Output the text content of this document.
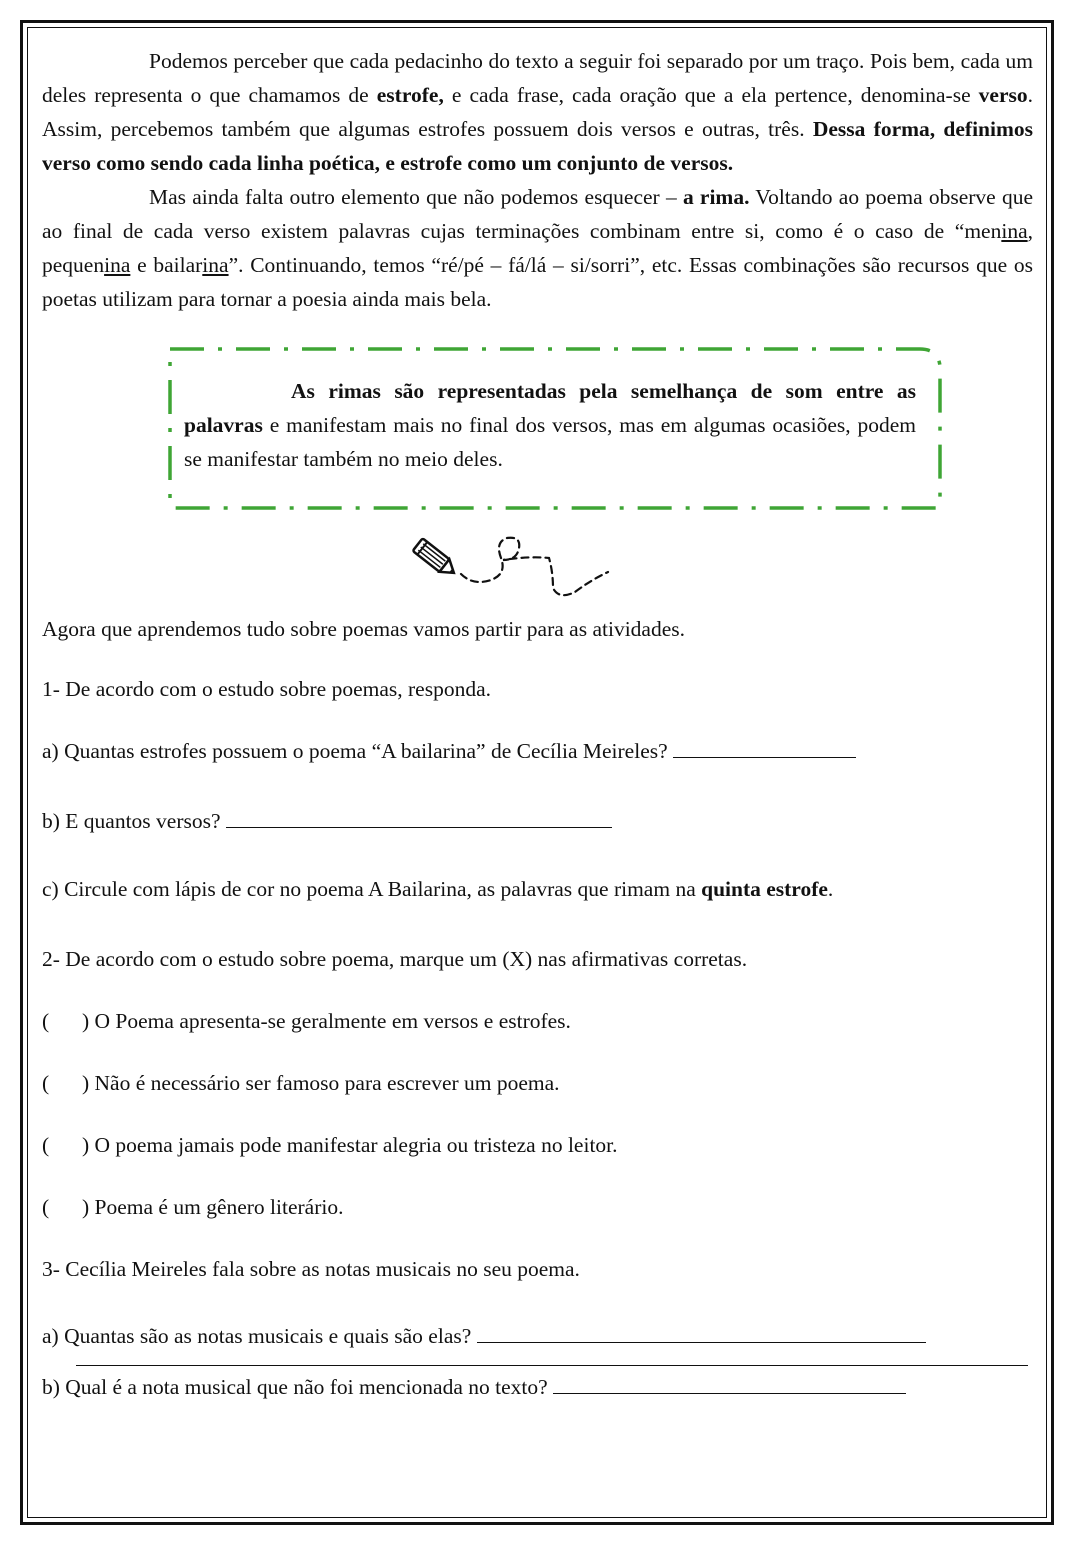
Podemos perceber que cada pedacinho do texto a seguir foi separado por um traço. Pois bem, cada um deles representa o que chamamos de estrofe, e cada frase, cada oração que a ela pertence, denomina-se verso. Assim, percebemos também que algumas estrofes possuem dois versos e outras, três. Dessa forma, definimos verso como sendo cada linha poética, e estrofe como um conjunto de versos.

Mas ainda falta outro elemento que não podemos esquecer – a rima. Voltando ao poema observe que ao final de cada verso existem palavras cujas terminações combinam entre si, como é o caso de “menina, pequenina e bailarina”. Continuando, temos “ré/pé – fá/lá – si/sorri”, etc. Essas combinações são recursos que os poetas utilizam para tornar a poesia ainda mais bela.

As rimas são representadas pela semelhança de som entre as palavras e manifestam mais no final dos versos, mas em algumas ocasiões, podem se manifestar também no meio deles.

Agora que aprendemos tudo sobre poemas vamos partir para as atividades.

1- De acordo com o estudo sobre poemas, responda.

a) Quantas estrofes possuem o poema “A bailarina” de Cecília Meireles?

b) E quantos versos?

c) Circule com lápis de cor no poema A Bailarina, as palavras que rimam na quinta estrofe.

2- De acordo com o estudo sobre poema, marque um (X) nas afirmativas corretas.

( ) O Poema apresenta-se geralmente em versos e estrofes.

( ) Não é necessário ser famoso para escrever um poema.

( ) O poema jamais pode manifestar alegria ou tristeza no leitor.

( ) Poema é um gênero literário.

3- Cecília Meireles fala sobre as notas musicais no seu poema.

a) Quantas são as notas musicais e quais são elas?

b) Qual é a nota musical que não foi mencionada no texto?
